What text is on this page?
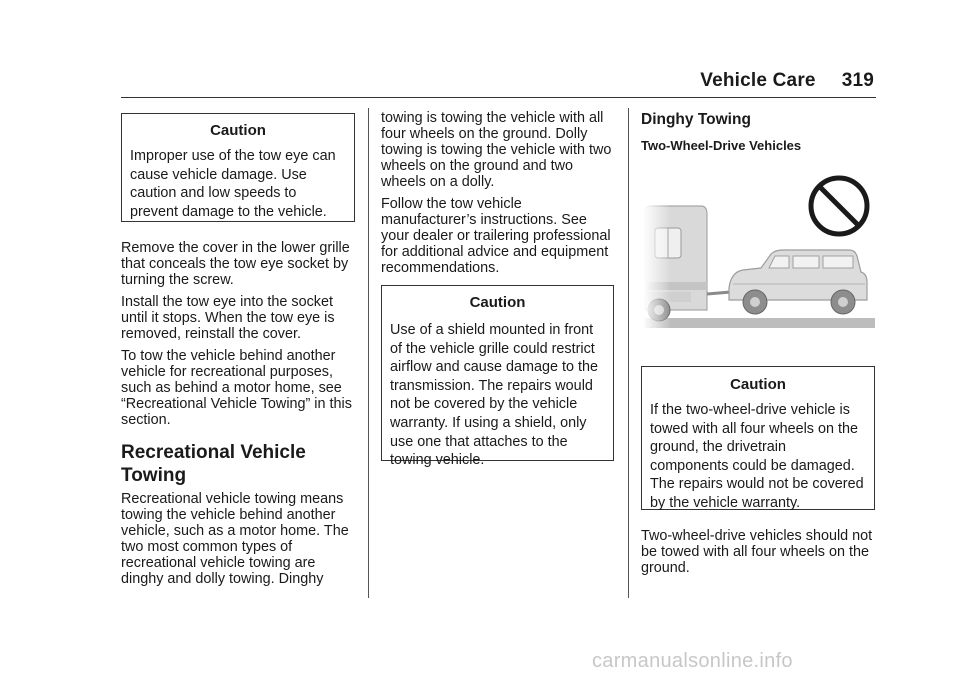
Vehicle Care 319
Caution

Improper use of the tow eye can cause vehicle damage. Use caution and low speeds to prevent damage to the vehicle.

Remove the cover in the lower grille that conceals the tow eye socket by turning the screw.

Install the tow eye into the socket until it stops. When the tow eye is removed, reinstall the cover.

To tow the vehicle behind another vehicle for recreational purposes, such as behind a motor home, see “Recreational Vehicle Towing” in this section.

Recreational Vehicle
Towing

Recreational vehicle towing means towing the vehicle behind another vehicle, such as a motor home. The two most common types of recreational vehicle towing are dinghy and dolly towing. Dinghy

towing is towing the vehicle with all four wheels on the ground. Dolly towing is towing the vehicle with two wheels on the ground and two wheels on a dolly.

Follow the tow vehicle manufacturer’s instructions. See your dealer or trailering professional for additional advice and equipment recommendations.

Caution

Use of a shield mounted in front of the vehicle grille could restrict airflow and cause damage to the transmission. The repairs would not be covered by the vehicle warranty. If using a shield, only use one that attaches to the towing vehicle.

Dinghy Towing
Two-Wheel-Drive Vehicles
Caution

If the two-wheel-drive vehicle is towed with all four wheels on the ground, the drivetrain components could be damaged. The repairs would not be covered by the vehicle warranty.

Two-wheel-drive vehicles should not be towed with all four wheels on the ground.

carmanualsonline.info
